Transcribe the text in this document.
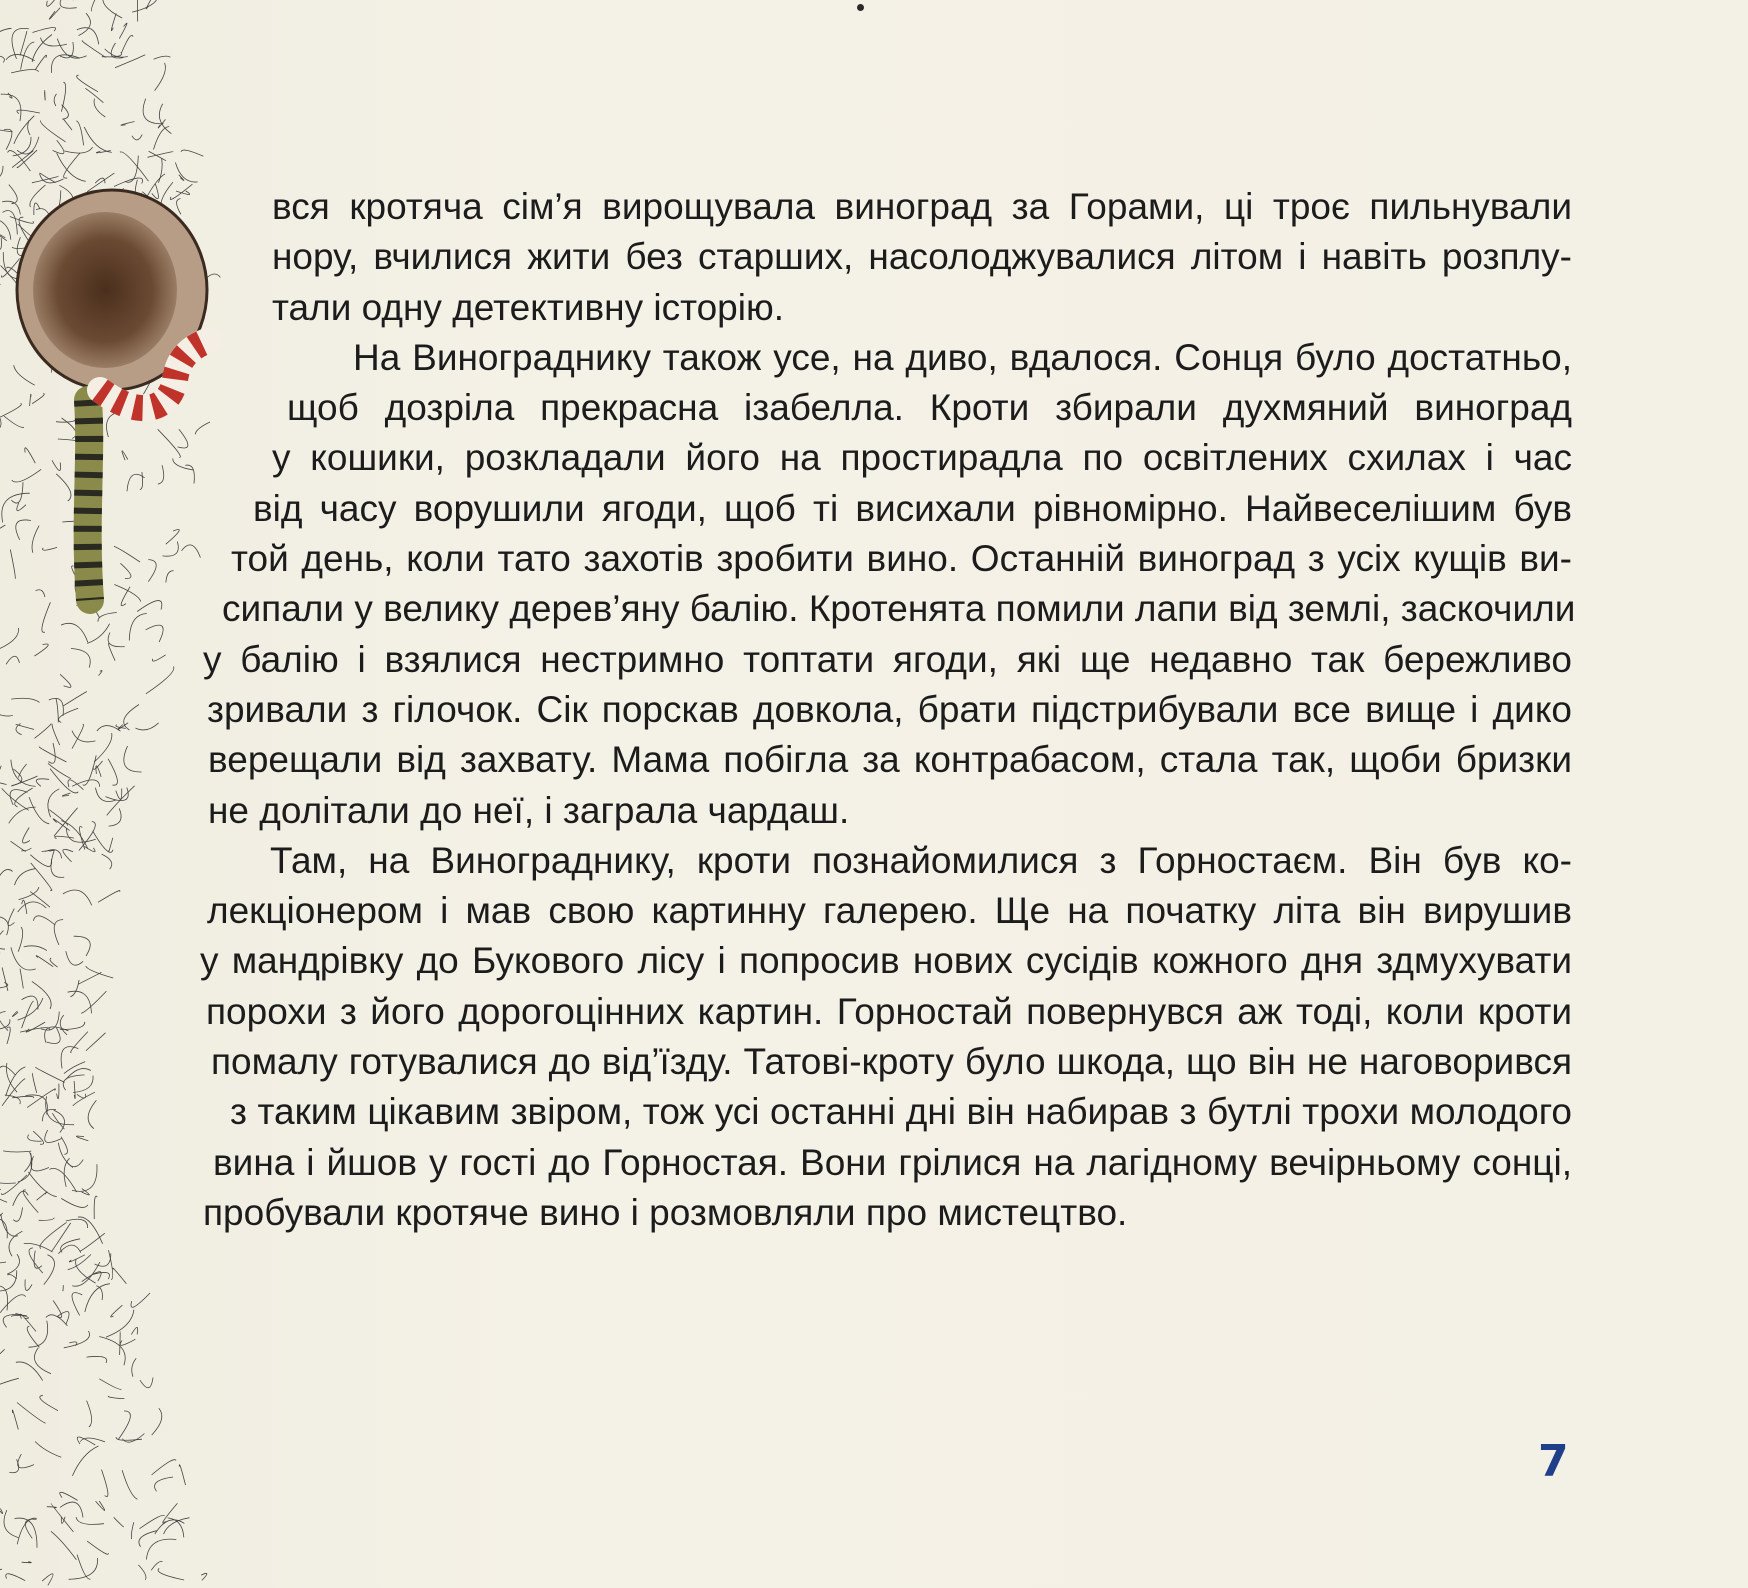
вся кротяча сім’я вирощувала виноград за Горами, ці троє пильнували
нору, вчилися жити без старших, насолоджувалися літом і навіть розплу-
тали одну детективну історію.
На Винограднику також усе, на диво, вдалося. Сонця було достатньо,
щоб дозріла прекрасна ізабелла. Кроти збирали духмяний виноград
у кошики, розкладали його на простирадла по освітлених схилах і час
від часу ворушили ягоди, щоб ті висихали рівномірно. Найвеселішим був
той день, коли тато захотів зробити вино. Останній виноград з усіх кущів ви-
сипали у велику дерев’яну балію. Кротенята помили лапи від землі, заскочили
у балію і взялися нестримно топтати ягоди, які ще недавно так бережливо
зривали з гілочок. Сік порскав довкола, брати підстрибували все вище і дико
верещали від захвату. Мама побігла за контрабасом, стала так, щоби бризки
не долітали до неї, і заграла чардаш.
Там, на Винограднику, кроти познайомилися з Горностаєм. Він був ко-
лекціонером і мав свою картинну галерею. Ще на початку літа він вирушив
у мандрівку до Букового лісу і попросив нових сусідів кожного дня здмухувати
порохи з його дорогоцінних картин. Горностай повернувся аж тоді, коли кроти
помалу готувалися до від’їзду. Татові-кроту було шкода, що він не наговорився
з таким цікавим звіром, тож усі останні дні він набирав з бутлі трохи молодого
вина і йшов у гості до Горностая. Вони грілися на лагідному вечірньому сонці,
пробували кротяче вино і розмовляли про мистецтво.
7
